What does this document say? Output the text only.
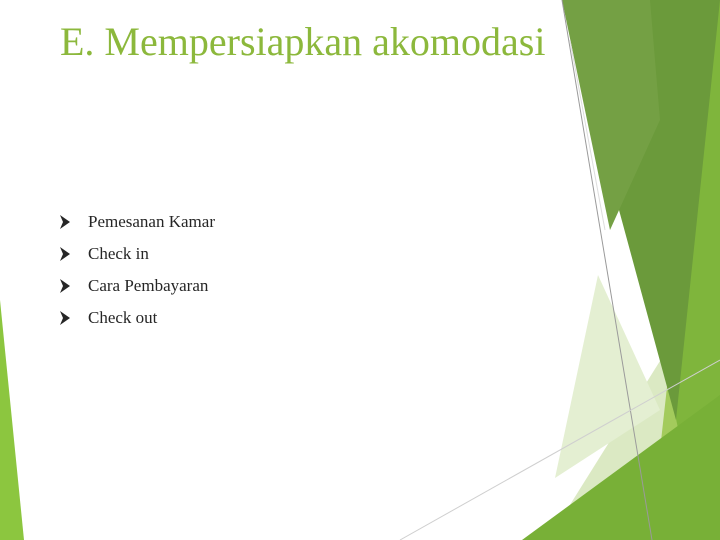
E. Mempersiapkan akomodasi
Pemesanan Kamar
Check in
Cara Pembayaran
Check out
